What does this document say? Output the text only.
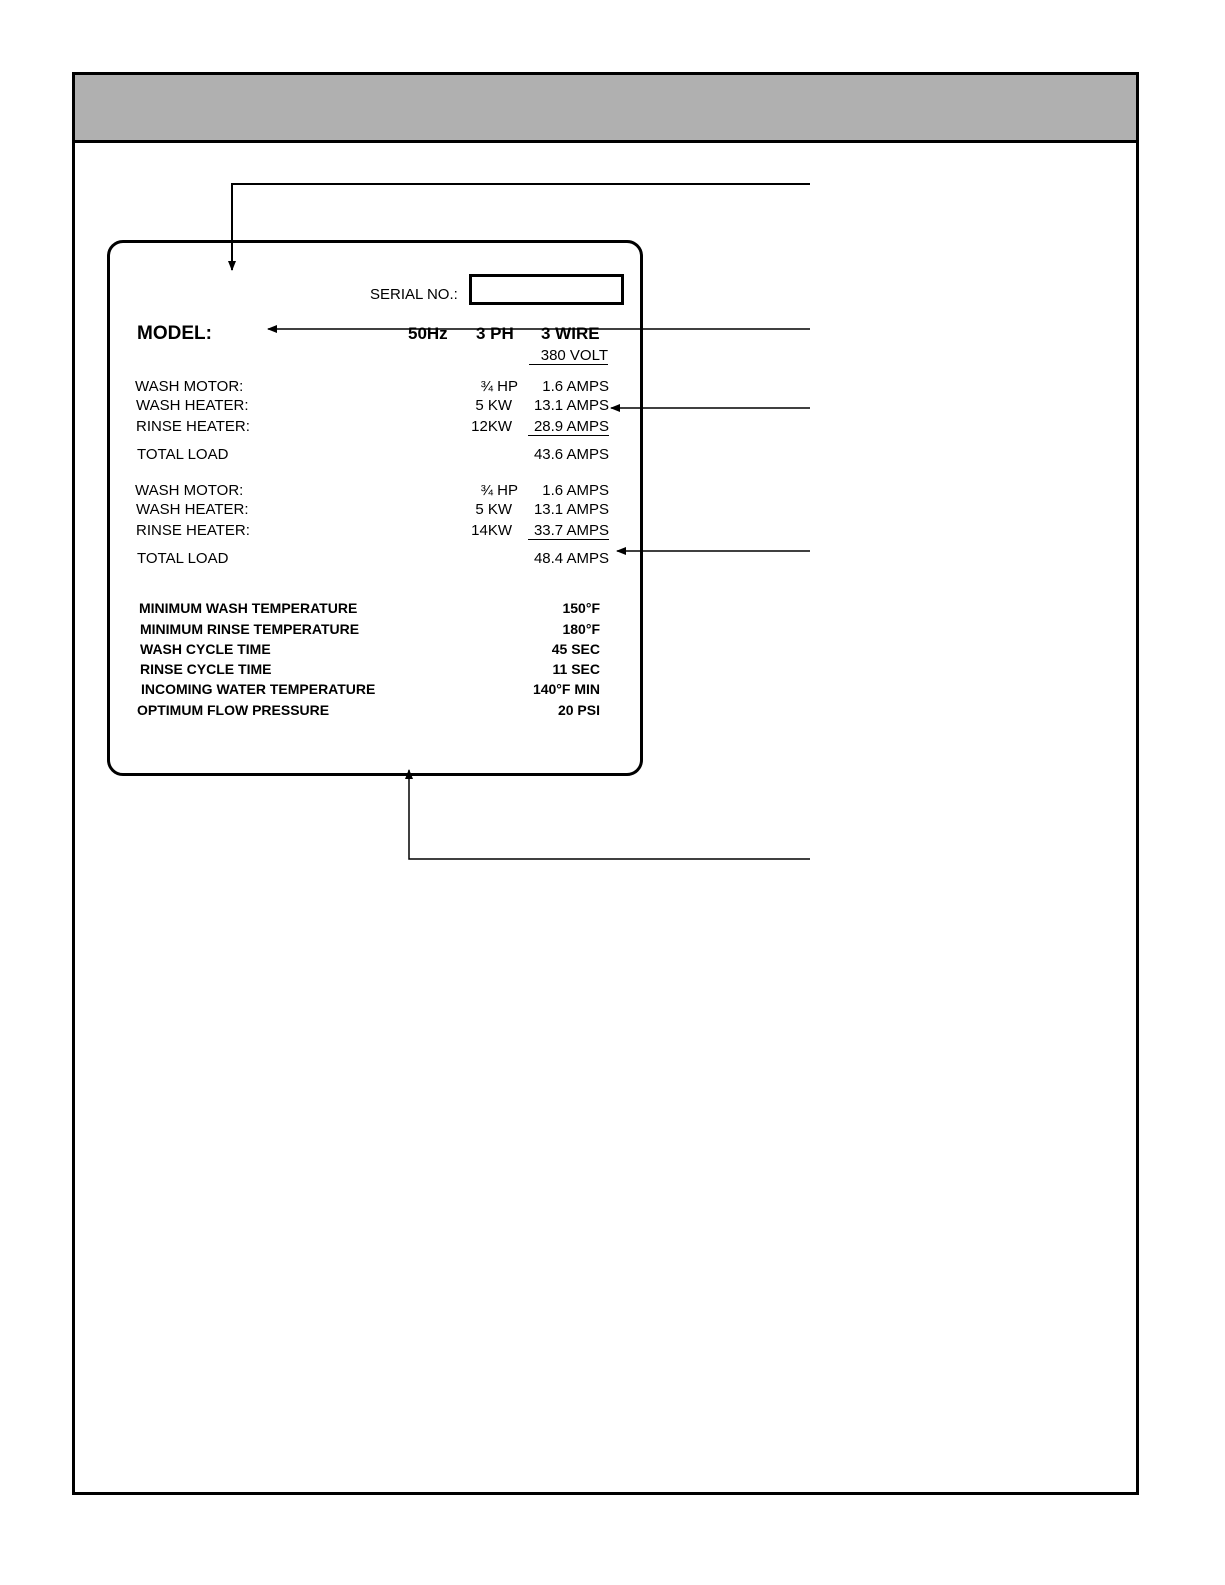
SERIAL NO.:
MODEL:	50Hz 3 PH 3 WIRE
380 VOLT
WASH MOTOR:	¾ HP	1.6 AMPS
WASH HEATER:	5 KW	13.1 AMPS
RINSE HEATER:	12KW	28.9 AMPS
TOTAL LOAD	43.6 AMPS
WASH MOTOR:	¾ HP	1.6 AMPS
WASH HEATER:	5 KW	13.1 AMPS
RINSE HEATER:	14KW	33.7 AMPS
TOTAL LOAD	48.4 AMPS
MINIMUM WASH TEMPERATURE	150°F
MINIMUM RINSE TEMPERATURE	180°F
WASH CYCLE TIME	45 SEC
RINSE CYCLE TIME	11 SEC
INCOMING WATER TEMPERATURE	140°F MIN
OPTIMUM FLOW PRESSURE	20 PSI
